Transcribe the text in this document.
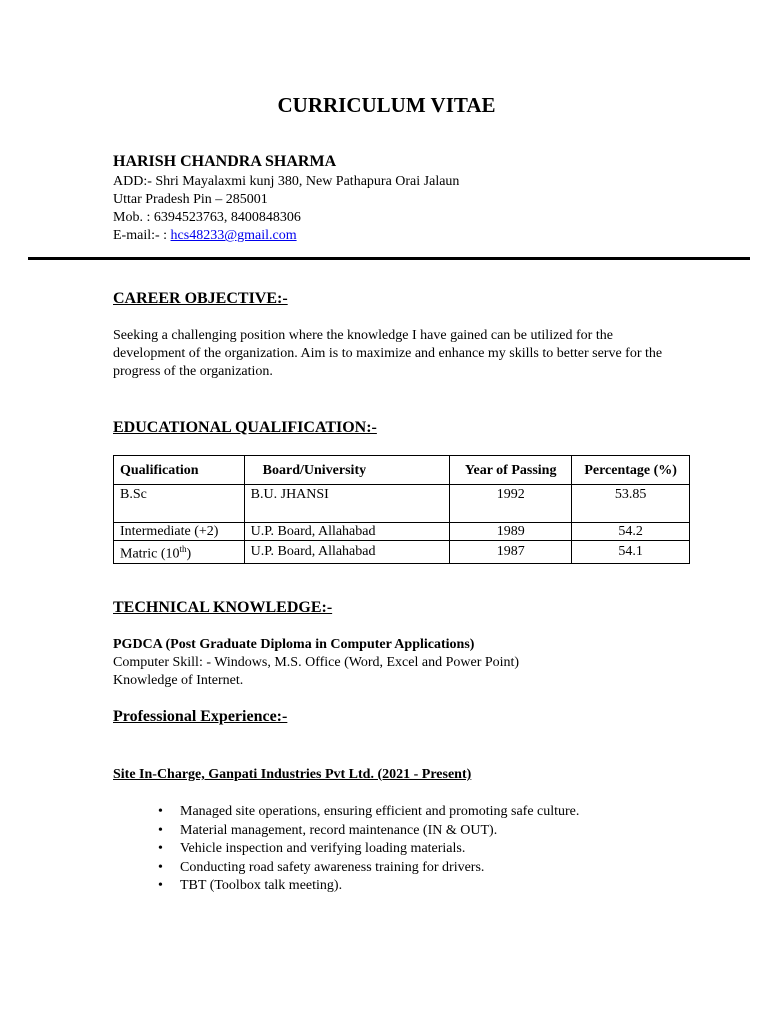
CURRICULUM VITAE
HARISH CHANDRA SHARMA
ADD:- Shri Mayalaxmi kunj 380, New Pathapura Orai Jalaun
Uttar Pradesh Pin – 285001
Mob. : 6394523763, 8400848306
E-mail:- : hcs48233@gmail.com
CAREER OBJECTIVE:-
Seeking a challenging position where the knowledge I have gained can be utilized for the development of the organization. Aim is to maximize and enhance my skills to better serve for the progress of the organization.
EDUCATIONAL QUALIFICATION:-
Qualification	Board/University	Year of Passing	Percentage (%)
B.Sc	B.U. JHANSI	1992	53.85
Intermediate (+2)	U.P. Board, Allahabad	1989	54.2
Matric (10th)	U.P. Board, Allahabad	1987	54.1
TECHNICAL KNOWLEDGE:-
PGDCA (Post Graduate Diploma in Computer Applications)
Computer Skill: - Windows, M.S. Office (Word, Excel and Power Point)
Knowledge of Internet.
Professional Experience:-
Site In-Charge, Ganpati Industries Pvt Ltd. (2021 - Present)
• Managed site operations, ensuring efficient and promoting safe culture.
• Material management, record maintenance (IN & OUT).
• Vehicle inspection and verifying loading materials.
• Conducting road safety awareness training for drivers.
• TBT (Toolbox talk meeting).
